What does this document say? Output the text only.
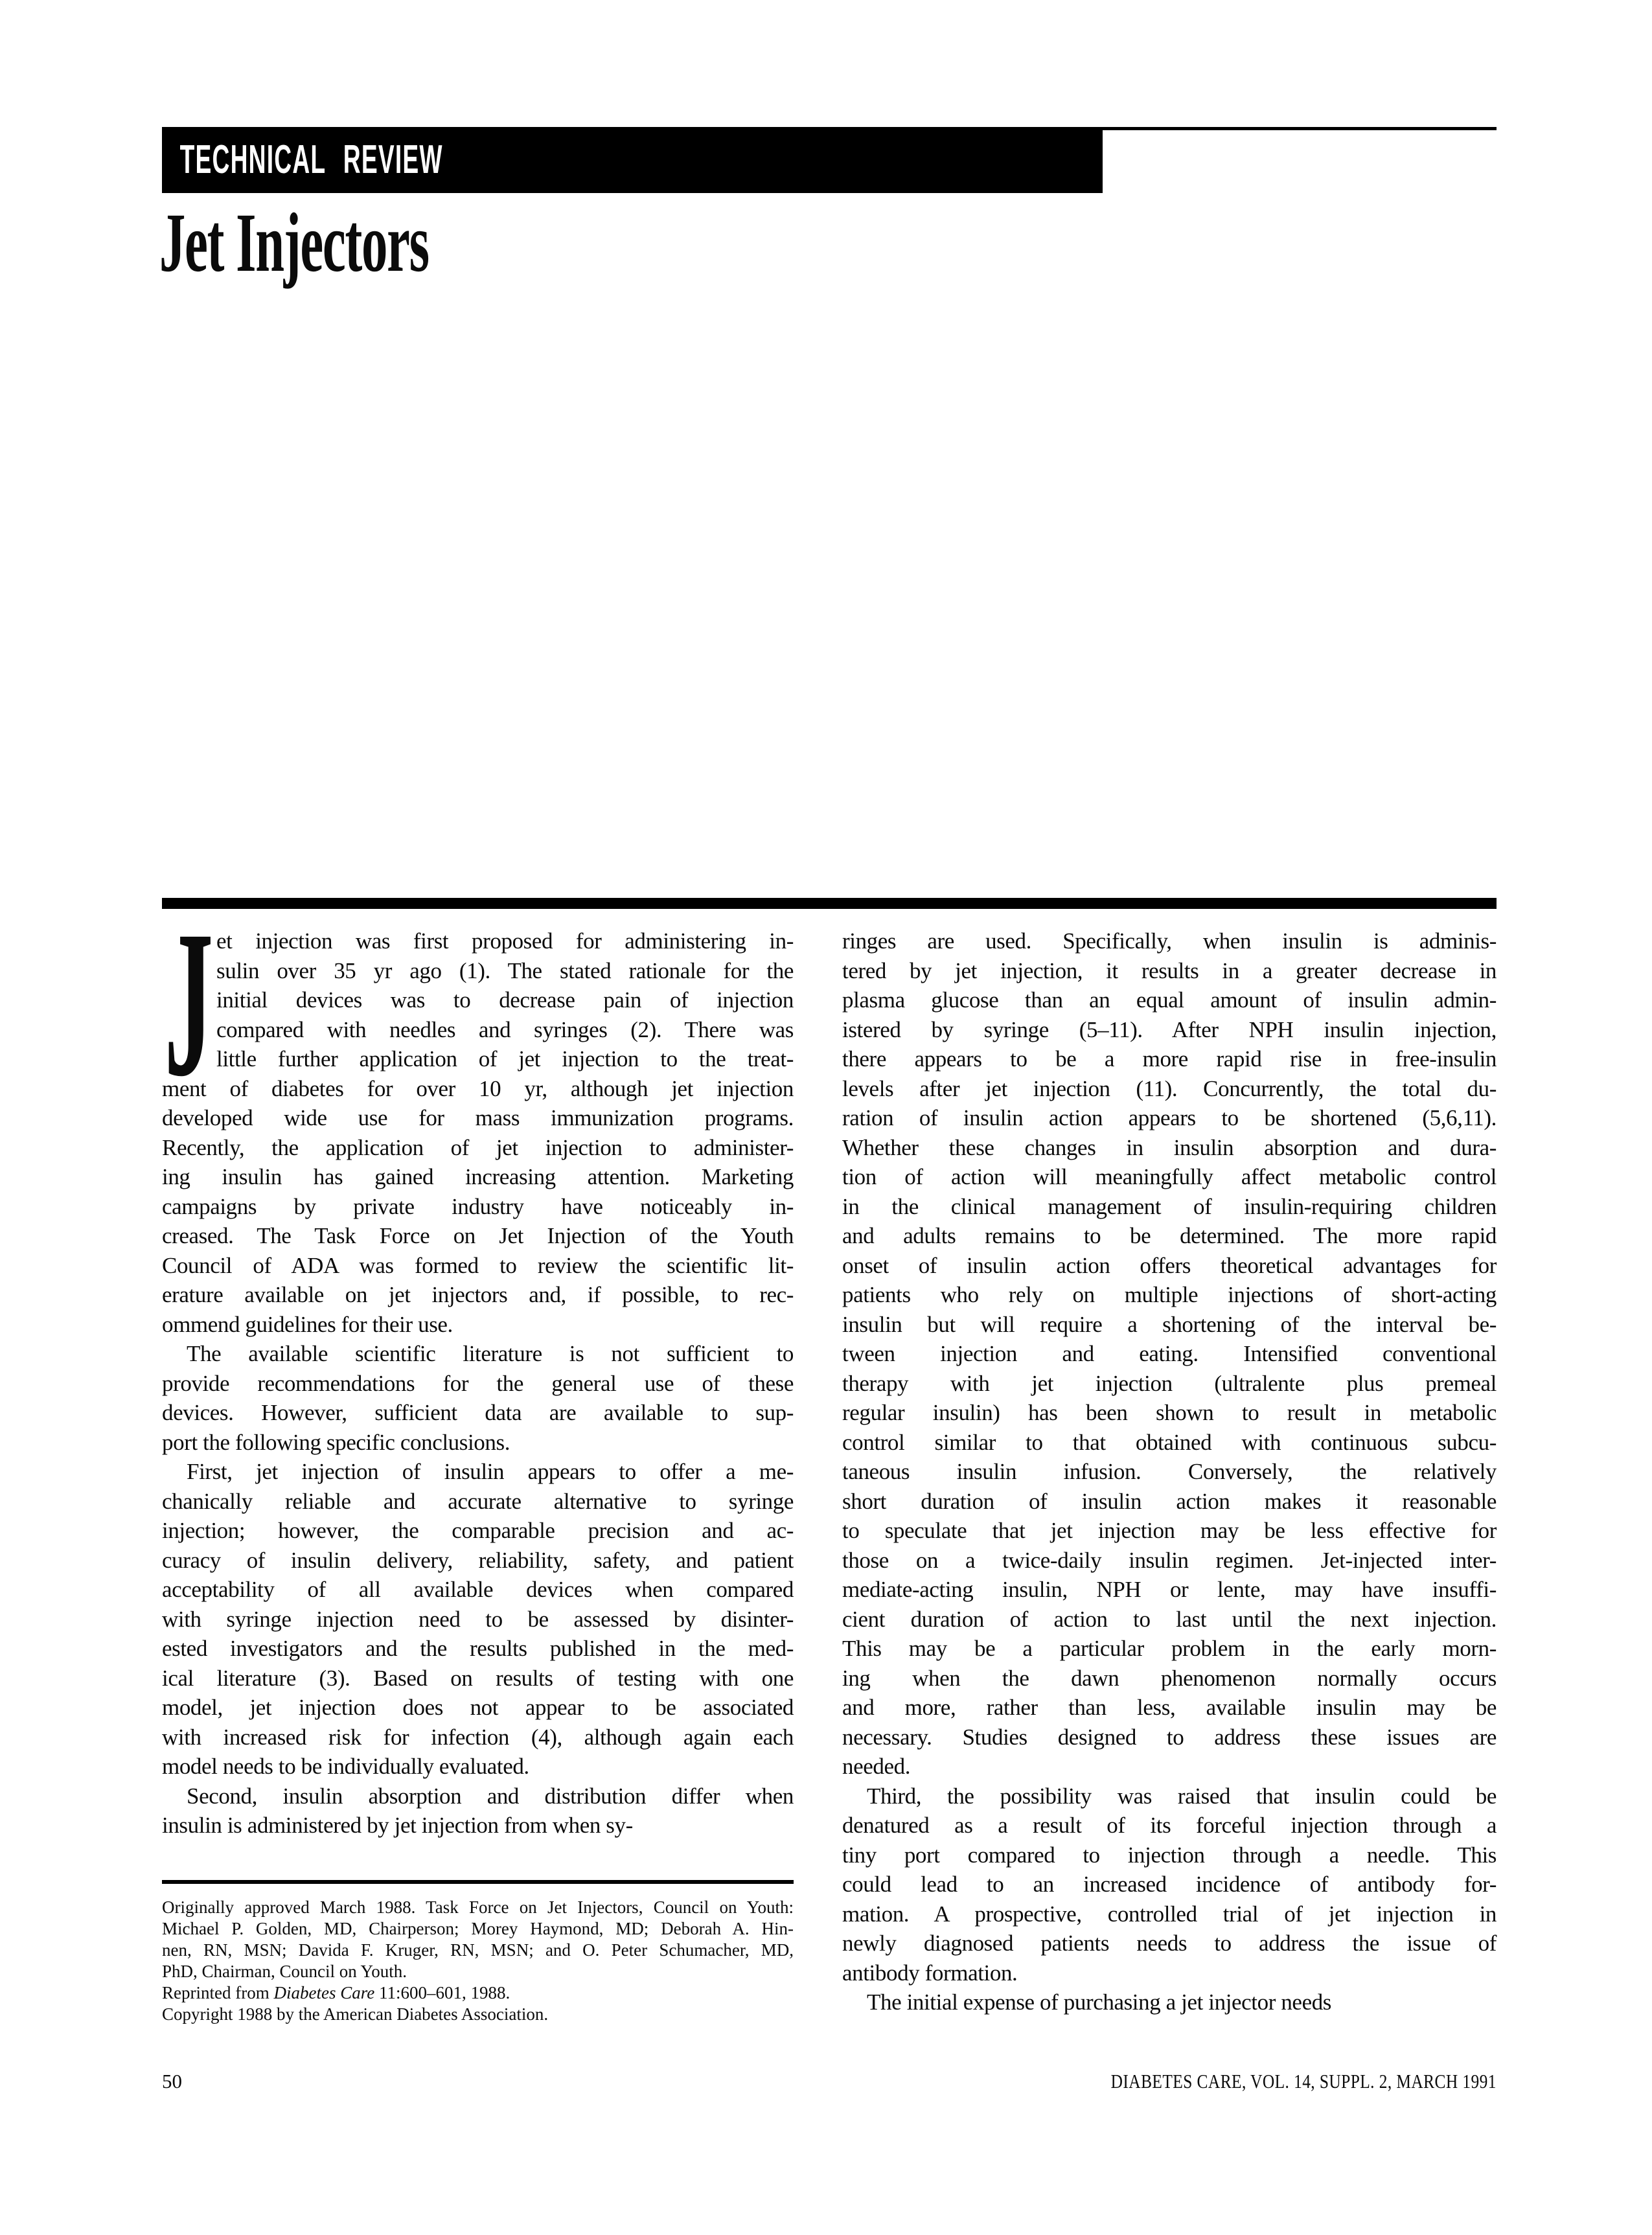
TECHNICAL REVIEW
Jet Injectors
J et injection was first proposed for administering in-
sulin over 35 yr ago (1). The stated rationale for the
initial devices was to decrease pain of injection
compared with needles and syringes (2). There was
little further application of jet injection to the treat-
ment of diabetes for over 10 yr, although jet injection
developed wide use for mass immunization programs.
Recently, the application of jet injection to administer-
ing insulin has gained increasing attention. Marketing
campaigns by private industry have noticeably in-
creased. The Task Force on Jet Injection of the Youth
Council of ADA was formed to review the scientific lit-
erature available on jet injectors and, if possible, to rec-
ommend guidelines for their use.
The available scientific literature is not sufficient to
provide recommendations for the general use of these
devices. However, sufficient data are available to sup-
port the following specific conclusions.
First, jet injection of insulin appears to offer a me-
chanically reliable and accurate alternative to syringe
injection; however, the comparable precision and ac-
curacy of insulin delivery, reliability, safety, and patient
acceptability of all available devices when compared
with syringe injection need to be assessed by disinter-
ested investigators and the results published in the med-
ical literature (3). Based on results of testing with one
model, jet injection does not appear to be associated
with increased risk for infection (4), although again each
model needs to be individually evaluated.
Second, insulin absorption and distribution differ when
insulin is administered by jet injection from when sy-
ringes are used. Specifically, when insulin is adminis-
tered by jet injection, it results in a greater decrease in
plasma glucose than an equal amount of insulin admin-
istered by syringe (5–11). After NPH insulin injection,
there appears to be a more rapid rise in free-insulin
levels after jet injection (11). Concurrently, the total du-
ration of insulin action appears to be shortened (5,6,11).
Whether these changes in insulin absorption and dura-
tion of action will meaningfully affect metabolic control
in the clinical management of insulin-requiring children
and adults remains to be determined. The more rapid
onset of insulin action offers theoretical advantages for
patients who rely on multiple injections of short-acting
insulin but will require a shortening of the interval be-
tween injection and eating. Intensified conventional
therapy with jet injection (ultralente plus premeal
regular insulin) has been shown to result in metabolic
control similar to that obtained with continuous subcu-
taneous insulin infusion. Conversely, the relatively
short duration of insulin action makes it reasonable
to speculate that jet injection may be less effective for
those on a twice-daily insulin regimen. Jet-injected inter-
mediate-acting insulin, NPH or lente, may have insuffi-
cient duration of action to last until the next injection.
This may be a particular problem in the early morn-
ing when the dawn phenomenon normally occurs
and more, rather than less, available insulin may be
necessary. Studies designed to address these issues are
needed.
Third, the possibility was raised that insulin could be
denatured as a result of its forceful injection through a
tiny port compared to injection through a needle. This
could lead to an increased incidence of antibody for-
mation. A prospective, controlled trial of jet injection in
newly diagnosed patients needs to address the issue of
antibody formation.
The initial expense of purchasing a jet injector needs
Originally approved March 1988. Task Force on Jet Injectors, Council on Youth:
Michael P. Golden, MD, Chairperson; Morey Haymond, MD; Deborah A. Hin-
nen, RN, MSN; Davida F. Kruger, RN, MSN; and O. Peter Schumacher, MD,
PhD, Chairman, Council on Youth.
Reprinted from Diabetes Care 11:600–601, 1988.
Copyright 1988 by the American Diabetes Association.
50	DIABETES CARE, VOL. 14, SUPPL. 2, MARCH 1991
